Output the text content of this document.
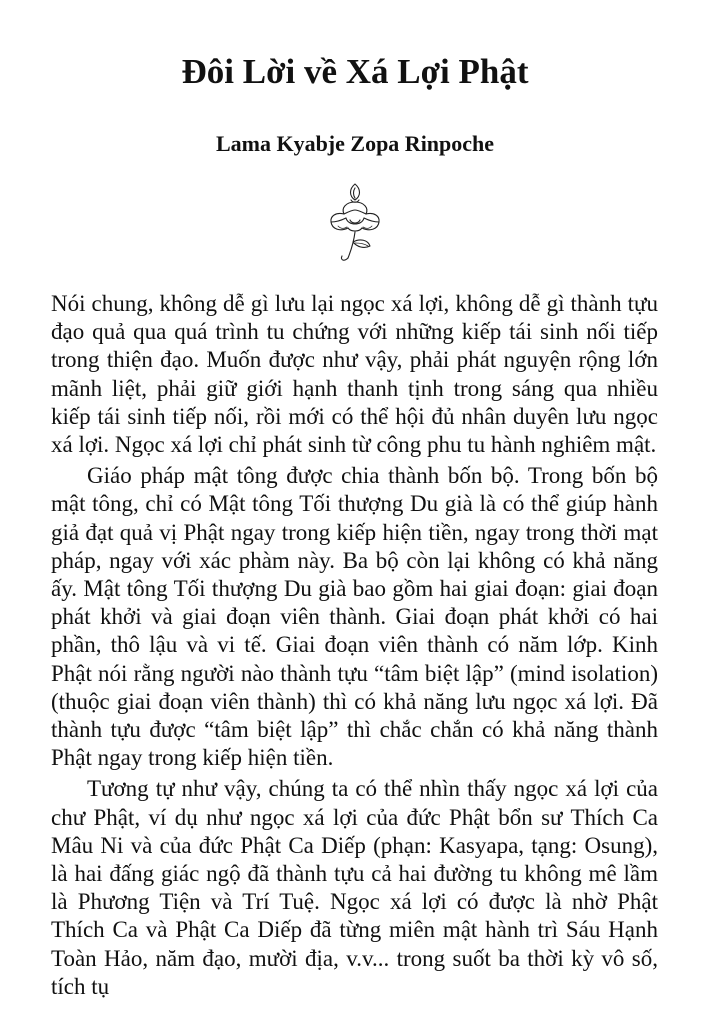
Đôi Lời về Xá Lợi Phật
Lama Kyabje Zopa Rinpoche

Nói chung, không dễ gì lưu lại ngọc xá lợi, không dễ gì thành tựu đạo quả qua quá trình tu chứng với những kiếp tái sinh nối tiếp trong thiện đạo. Muốn được như vậy, phải phát nguyện rộng lớn mãnh liệt, phải giữ giới hạnh thanh tịnh trong sáng qua nhiều kiếp tái sinh tiếp nối, rồi mới có thể hội đủ nhân duyên lưu ngọc xá lợi. Ngọc xá lợi chỉ phát sinh từ công phu tu hành nghiêm mật.

Giáo pháp mật tông được chia thành bốn bộ. Trong bốn bộ mật tông, chỉ có Mật tông Tối thượng Du già là có thể giúp hành giả đạt quả vị Phật ngay trong kiếp hiện tiền, ngay trong thời mạt pháp, ngay với xác phàm này. Ba bộ còn lại không có khả năng ấy. Mật tông Tối thượng Du già bao gồm hai giai đoạn: giai đoạn phát khởi và giai đoạn viên thành. Giai đoạn phát khởi có hai phần, thô lậu và vi tế. Giai đoạn viên thành có năm lớp. Kinh Phật nói rằng người nào thành tựu “tâm biệt lập” (mind isolation) (thuộc giai đoạn viên thành) thì có khả năng lưu ngọc xá lợi. Đã thành tựu được “tâm biệt lập” thì chắc chắn có khả năng thành Phật ngay trong kiếp hiện tiền.

Tương tự như vậy, chúng ta có thể nhìn thấy ngọc xá lợi của chư Phật, ví dụ như ngọc xá lợi của đức Phật bổn sư Thích Ca Mâu Ni và của đức Phật Ca Diếp (phạn: Kasyapa, tạng: Osung), là hai đấng giác ngộ đã thành tựu cả hai đường tu không mê lầm là Phương Tiện và Trí Tuệ. Ngọc xá lợi có được là nhờ Phật Thích Ca và Phật Ca Diếp đã từng miên mật hành trì Sáu Hạnh Toàn Hảo, năm đạo, mười địa, v.v... trong suốt ba thời kỳ vô số, tích tụ
